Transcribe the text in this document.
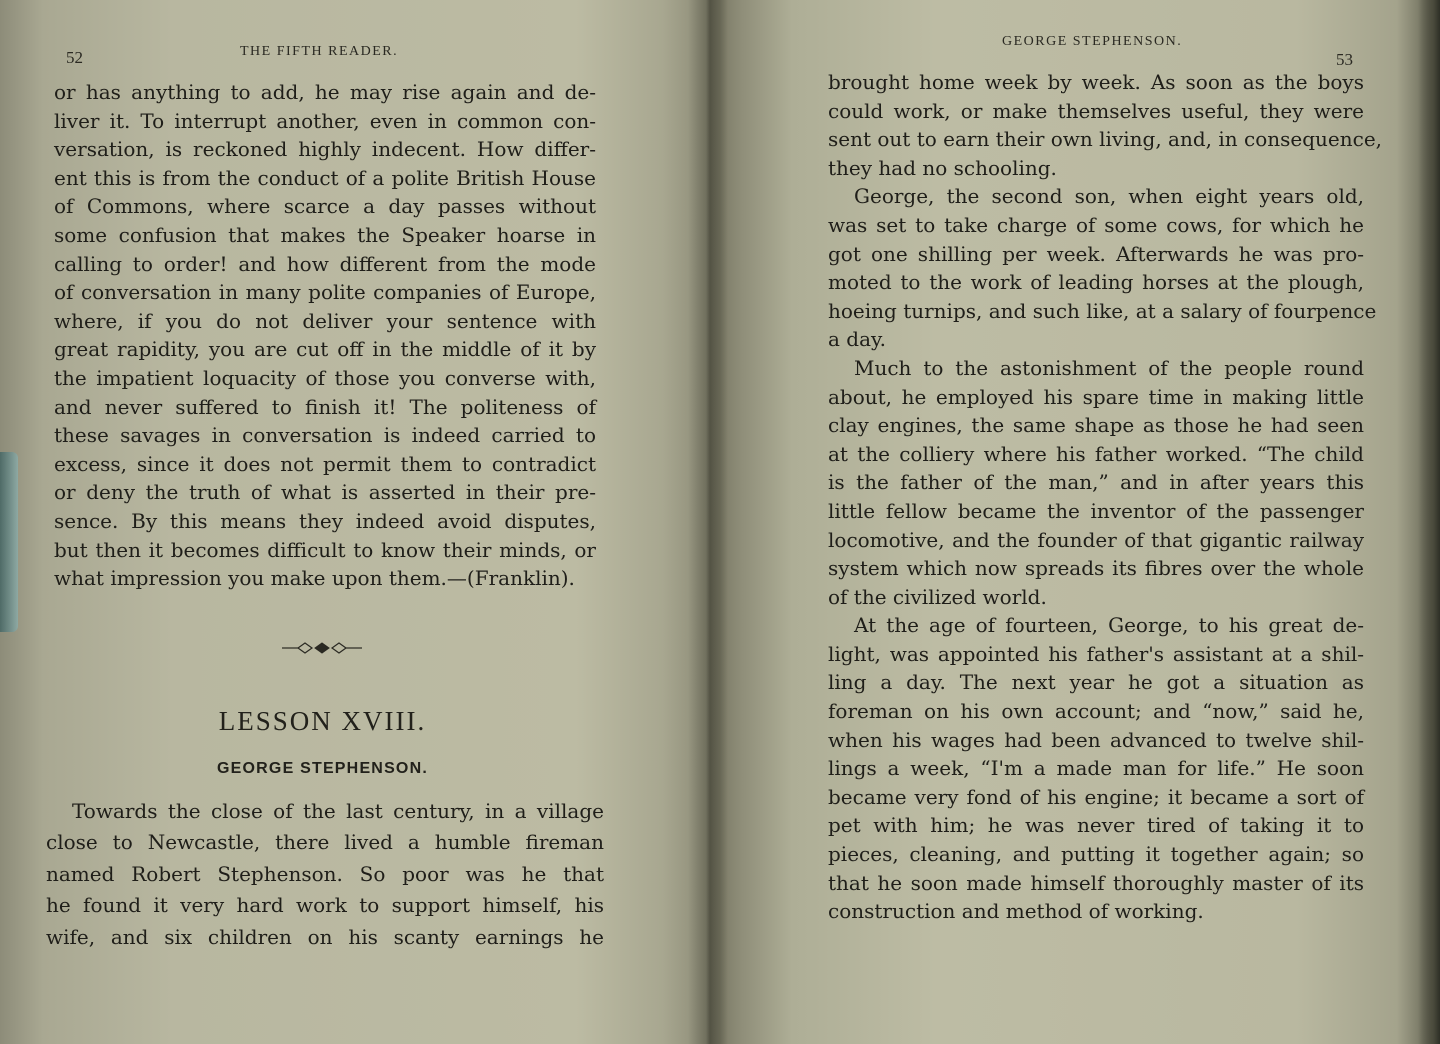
52	THE FIFTH READER.
or has anything to add, he may rise again and de-
liver it. To interrupt another, even in common con-
versation, is reckoned highly indecent. How differ-
ent this is from the conduct of a polite British House
of Commons, where scarce a day passes without
some confusion that makes the Speaker hoarse in
calling to order! and how different from the mode
of conversation in many polite companies of Europe,
where, if you do not deliver your sentence with
great rapidity, you are cut off in the middle of it by
the impatient loquacity of those you converse with,
and never suffered to finish it! The politeness of
these savages in conversation is indeed carried to
excess, since it does not permit them to contradict
or deny the truth of what is asserted in their pre-
sence. By this means they indeed avoid disputes,
but then it becomes difficult to know their minds, or
what impression you make upon them.—(Franklin).
LESSON XVIII.
GEORGE STEPHENSON.
Towards the close of the last century, in a village
close to Newcastle, there lived a humble fireman
named Robert Stephenson. So poor was he that
he found it very hard work to support himself, his
wife, and six children on his scanty earnings he
GEORGE STEPHENSON.
53
brought home week by week. As soon as the boys
could work, or make themselves useful, they were
sent out to earn their own living, and, in consequence,
they had no schooling.
George, the second son, when eight years old,
was set to take charge of some cows, for which he
got one shilling per week. Afterwards he was pro-
moted to the work of leading horses at the plough,
hoeing turnips, and such like, at a salary of fourpence
a day.
Much to the astonishment of the people round
about, he employed his spare time in making little
clay engines, the same shape as those he had seen
at the colliery where his father worked. “The child
is the father of the man,” and in after years this
little fellow became the inventor of the passenger
locomotive, and the founder of that gigantic railway
system which now spreads its fibres over the whole
of the civilized world.
At the age of fourteen, George, to his great de-
light, was appointed his father's assistant at a shil-
ling a day. The next year he got a situation as
foreman on his own account; and “now,” said he,
when his wages had been advanced to twelve shil-
lings a week, “I'm a made man for life.” He soon
became very fond of his engine; it became a sort of
pet with him; he was never tired of taking it to
pieces, cleaning, and putting it together again; so
that he soon made himself thoroughly master of its
construction and method of working.
